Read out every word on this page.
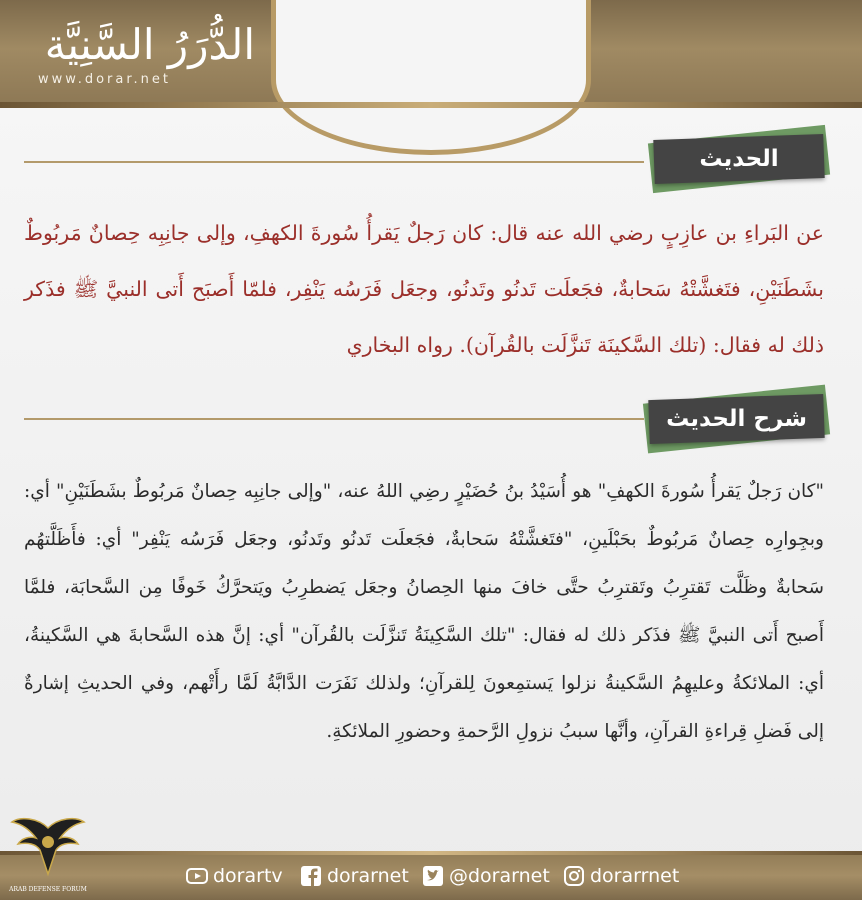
الدُّرَرُ السَّنِيَّة
www.dorar.net
الحديث
عن البَراءِ بن عازِبٍ رضي الله عنه قال: كان رَجلٌ يَقرأُ سُورةَ الكهفِ، وإلى جانِبِه حِصانٌ مَربُوطٌ بشَطَنَيْنِ، فتَغشَّتْهُ سَحابةٌ، فجَعلَت تَدنُو وتَدنُو، وجعَل فَرَسُه يَنْفِر، فلمّا أَصبَح أَتى النبيَّ ﷺ فذَكر ذلك له فقال: (تلك السَّكينَة تَنزَّلَت بالقُرآن). رواه البخاري
شرح الحديث
"كان رَجلٌ يَقرأُ سُورةَ الكهفِ" هو أُسَيْدُ بنُ حُضَيْرٍ رضِي اللهُ عنه، "وإلى جانِبِه حِصانٌ مَربُوطٌ بشَطَنَيْنِ" أي: وبجِوارِه حِصانٌ مَربُوطٌ بحَبْلَينِ، "فتَغشَّتْهُ سَحابةٌ، فجَعلَت تَدنُو وتَدنُو، وجعَل فَرَسُه يَنْفِر" أي: فأَظَلَّتهُم سَحابةٌ وظَلَّت تَقترِبُ وتَقترِبُ حتَّى خافَ منها الحِصانُ وجعَل يَضطرِبُ ويَتحرَّكُ خَوفًا مِن السَّحابَة، فلمَّا أَصبح أَتى النبيَّ ﷺ فذَكر ذلك له فقال: "تلك السَّكِينَةُ تَنزَّلَت بالقُرآن" أي: إنَّ هذه السَّحابةَ هي السَّكينةُ، أي: الملائكةُ وعليهِمُ السَّكينةُ نزلوا يَستمِعونَ لِلقرآنِ؛ ولذلك نَفَرَت الدَّابَّةُ لَمَّا رأَتْهم، وفي الحديثِ إشارةٌ إلى فَضلِ قِراءةِ القرآنِ، وأنَّها سببُ نزولِ الرَّحمةِ وحضورِ الملائكةِ.
dorartv dorarnet @dorarnet dorarrnet
ARAB DEFENSE FORUM
